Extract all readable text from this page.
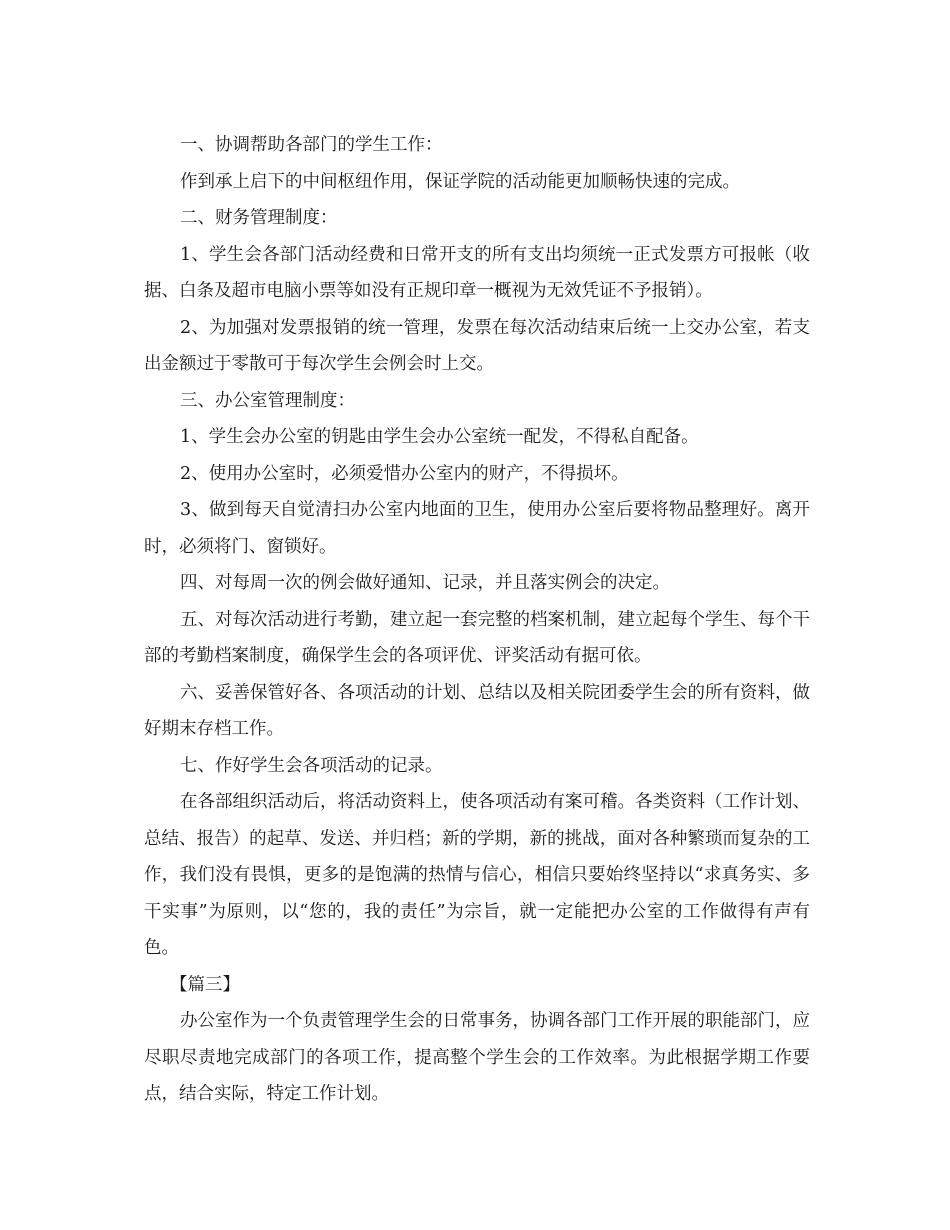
一、协调帮助各部门的学生工作：

作到承上启下的中间枢纽作用，保证学院的活动能更加顺畅快速的完成。

二、财务管理制度：

1、学生会各部门活动经费和日常开支的所有支出均须统一正式发票方可报帐（收据、白条及超市电脑小票等如没有正规印章一概视为无效凭证不予报销）。

2、为加强对发票报销的统一管理，发票在每次活动结束后统一上交办公室，若支出金额过于零散可于每次学生会例会时上交。

三、办公室管理制度：

1、学生会办公室的钥匙由学生会办公室统一配发，不得私自配备。

2、使用办公室时，必须爱惜办公室内的财产，不得损坏。

3、做到每天自觉清扫办公室内地面的卫生，使用办公室后要将物品整理好。离开时，必须将门、窗锁好。

四、对每周一次的例会做好通知、记录，并且落实例会的决定。

五、对每次活动进行考勤，建立起一套完整的档案机制，建立起每个学生、每个干部的考勤档案制度，确保学生会的各项评优、评奖活动有据可依。

六、妥善保管好各、各项活动的计划、总结以及相关院团委学生会的所有资料，做好期末存档工作。

七、作好学生会各项活动的记录。

在各部组织活动后，将活动资料上，使各项活动有案可稽。各类资料（工作计划、总结、报告）的起草、发送、并归档；新的学期，新的挑战，面对各种繁琐而复杂的工作，我们没有畏惧，更多的是饱满的热情与信心，相信只要始终坚持以“求真务实、多干实事”为原则，以“您的，我的责任”为宗旨，就一定能把办公室的工作做得有声有色。

【篇三】

办公室作为一个负责管理学生会的日常事务，协调各部门工作开展的职能部门，应尽职尽责地完成部门的各项工作，提高整个学生会的工作效率。为此根据学期工作要点，结合实际，特定工作计划。
